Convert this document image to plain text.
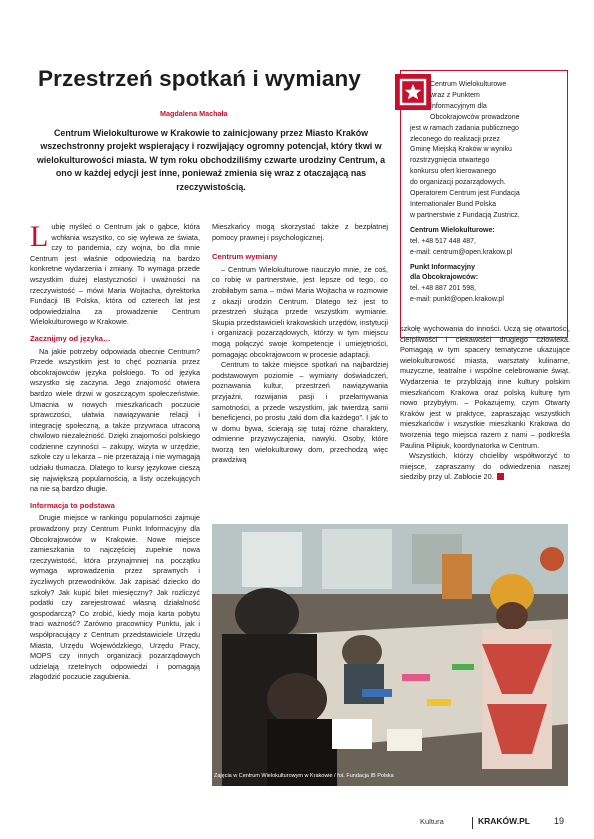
Przestrzeń spotkań i wymiany
Magdalena Machała
Centrum Wielokulturowe w Krakowie to zainicjowany przez Miasto Kraków wszechstronny projekt wspierający i rozwijający ogromny potencjał, który tkwi w wielokulturowości miasta. W tym roku obchodziliśmy czwarte urodziny Centrum, a ono w każdej edycji jest inne, ponieważ zmienia się wraz z otaczającą nas rzeczywistością.

Centrum Wielokulturowe

wraz z Punktem

Informacyjnym dla

Obcokrajowców prowadzone

jest w ramach zadania publicznego

zleconego do realizacji przez

Gminę Miejską Kraków w wyniku

rozstrzygnięcia otwartego

konkursu ofert kierowanego

do organizacji pozarządowych.

Operatorem Centrum jest Fundacja

Internationaler Bund Polska

w partnerstwie z Fundacją Zustricz.

Centrum Wielokulturowe:

tel. +48 517 448 487,

e-mail: centrum@open.krakow.pl

Punkt Informacyjny

dla Obcokrajowców:

tel. +48 887 201 598,

e-mail: punkt@open.krakow.pl

Lubię myśleć o Centrum jak o gąbce, która wchłania wszystko, co się wylewa ze świata, czy to pandemia, czy wojna, bo dla mnie Centrum jest właśnie odpowiedzią na bardzo konkretne wydarzenia i zmiany. To wymaga przede wszystkim dużej elastyczności i uważności na rzeczywistość – mówi Maria Wojtacha, dyrektorka Fundacji IB Polska, która od czterech lat jest odpowiedzialna za prowadzenie Centrum Wielokulturowego w Krakowie.

Zacznijmy od języka…

Na jakie potrzeby odpowiada obecnie Centrum? Przede wszystkim jest to chęć poznania przez obcokrajowców języka polskiego. To od języka wszystko się zaczyna. Jego znajomość otwiera bardzo wiele drzwi w goszczącym społeczeństwie. Umacnia w nowych mieszkańcach poczucie sprawczości, ułatwia nawiązywanie relacji i integrację społeczną, a także przywraca utraconą chwilowo niezależność. Dzięki znajomości polskiego codzienne czynności – zakupy, wizyta w urzędzie, szkole czy u lekarza – nie przerażają i nie wymagają udziału tłumacza. Dlatego to kursy językowe cieszą się największą popularnością, a listy oczekujących na nie są bardzo długie.

Informacja to podstawa

Drugie miejsce w rankingu popularności zajmuje prowadzony przy Centrum Punkt Informacyjny dla Obcokrajowców w Krakowie. Nowe miejsce zamieszkania to najczęściej zupełnie nowa rzeczywistość, która przynajmniej na początku wymaga wprowadzenia przez sprawnych i życzliwych przewodników. Jak zapisać dziecko do szkoły? Jak kupić bilet miesięczny? Jak rozliczyć podatki czy zarejestrować własną działalność gospodarczą? Co zrobić, kiedy moja karta pobytu traci ważność? Zarówno pracownicy Punktu, jak i współpracujący z Centrum przedstawiciele Urzędu Miasta, Urzędu Wojewódzkiego, Urzędu Pracy, MOPS czy innych organizacji pozarządowych udzielają rzetelnych odpowiedzi i pomagają złagodzić poczucie zagubienia.

Mieszkańcy mogą skorzystać także z bezpłatnej pomocy prawnej i psychologicznej.

Centrum wymiany

– Centrum Wielokulturowe nauczyło mnie, że coś, co robię w partnerstwie, jest lepsze od tego, co zrobiłabym sama – mówi Maria Wojtacha w rozmowie z okazji urodzin Centrum. Dlatego też jest to przestrzeń służąca przede wszystkim wymianie. Skupia przedstawicieli krakowskich urzędów, instytucji i organizacji pozarządowych, którzy w tym miejscu mogą połączyć swoje kompetencje i umiejętności, pomagając obcokrajowcom w procesie adaptacji.

Centrum to także miejsce spotkań na najbardziej podstawowym poziomie – wymiany doświadczeń, poznawania kultur, przestrzeń nawiązywania przyjaźni, rozwijania pasji i przełamywania samotności, a przede wszystkim, jak twierdzą sami beneficjenci, po prostu „taki dom dla każdego”. I jak to w domu bywa, ścierają się tutaj różne charaktery, odmienne przyzwyczajenia, nawyki. Osoby, które tworzą ten wielokulturowy dom, przechodzą więc prawdziwą

szkołę wychowania do inności. Uczą się otwartości, cierpliwości i ciekawości drugiego człowieka. Pomagają w tym spacery tematyczne ukazujące wielokulturowość miasta, warsztaty kulinarne, muzyczne, teatralne i wspólne celebrowanie świąt. Wydarzenia te przybliżają inne kultury polskim mieszkańcom Krakowa oraz polską kulturę tym nowo przybyłym. – Pokazujemy, czym Otwarty Kraków jest w praktyce, zapraszając wszystkich mieszkańców i wszystkie mieszkanki Krakowa do tworzenia tego miejsca razem z nami – podkreśla Paulina Pilipiuk, koordynatorka w Centrum.

Wszystkich, którzy chcieliby współtworzyć to miejsce, zapraszamy do odwiedzenia naszej siedziby przy ul. Zabłocie 20.

Zajęcia w Centrum Wielokulturowym w Krakowie / fot. Fundacja IB Polska
Kultura	KRAKÓW.PL	19
